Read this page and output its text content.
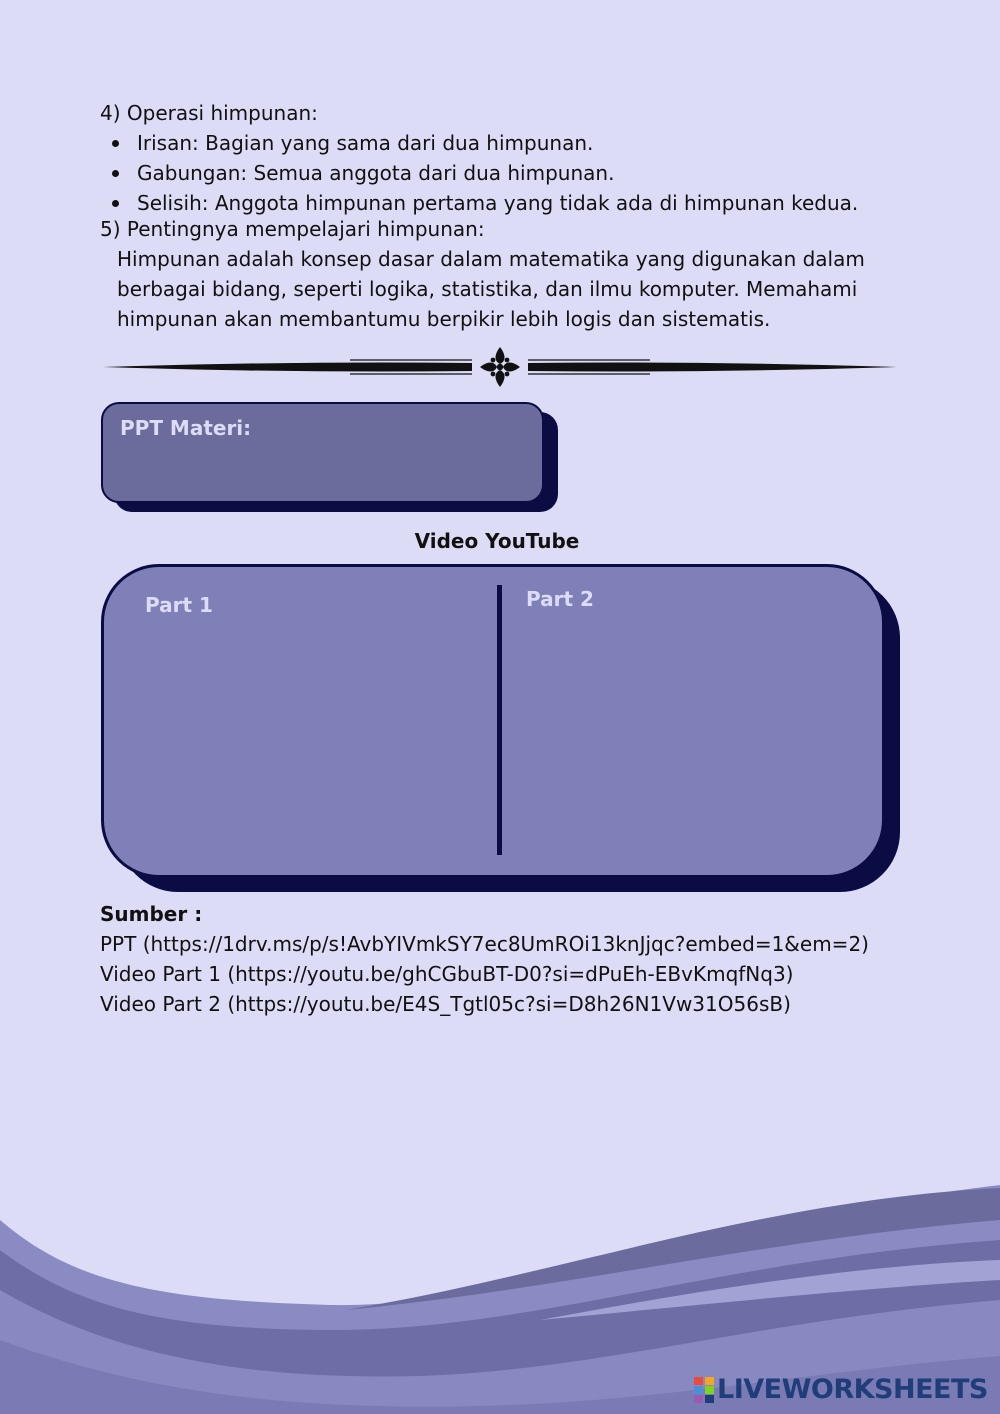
4) Operasi himpunan:
Irisan: Bagian yang sama dari dua himpunan.
Gabungan: Semua anggota dari dua himpunan.
Selisih: Anggota himpunan pertama yang tidak ada di himpunan kedua.
5) Pentingnya mempelajari himpunan:
Himpunan adalah konsep dasar dalam matematika yang digunakan dalam
berbagai bidang, seperti logika, statistika, dan ilmu komputer. Memahami
himpunan akan membantumu berpikir lebih logis dan sistematis.
PPT Materi:
Video YouTube
Part 1	Part 2
Sumber :
PPT (https://1drv.ms/p/s!AvbYIVmkSY7ec8UmROi13knJjqc?embed=1&em=2)
Video Part 1 (https://youtu.be/ghCGbuBT-D0?si=dPuEh-EBvKmqfNq3)
Video Part 2 (https://youtu.be/E4S_Tgtl05c?si=D8h26N1Vw31O56sB)
LIVEWORKSHEETS
